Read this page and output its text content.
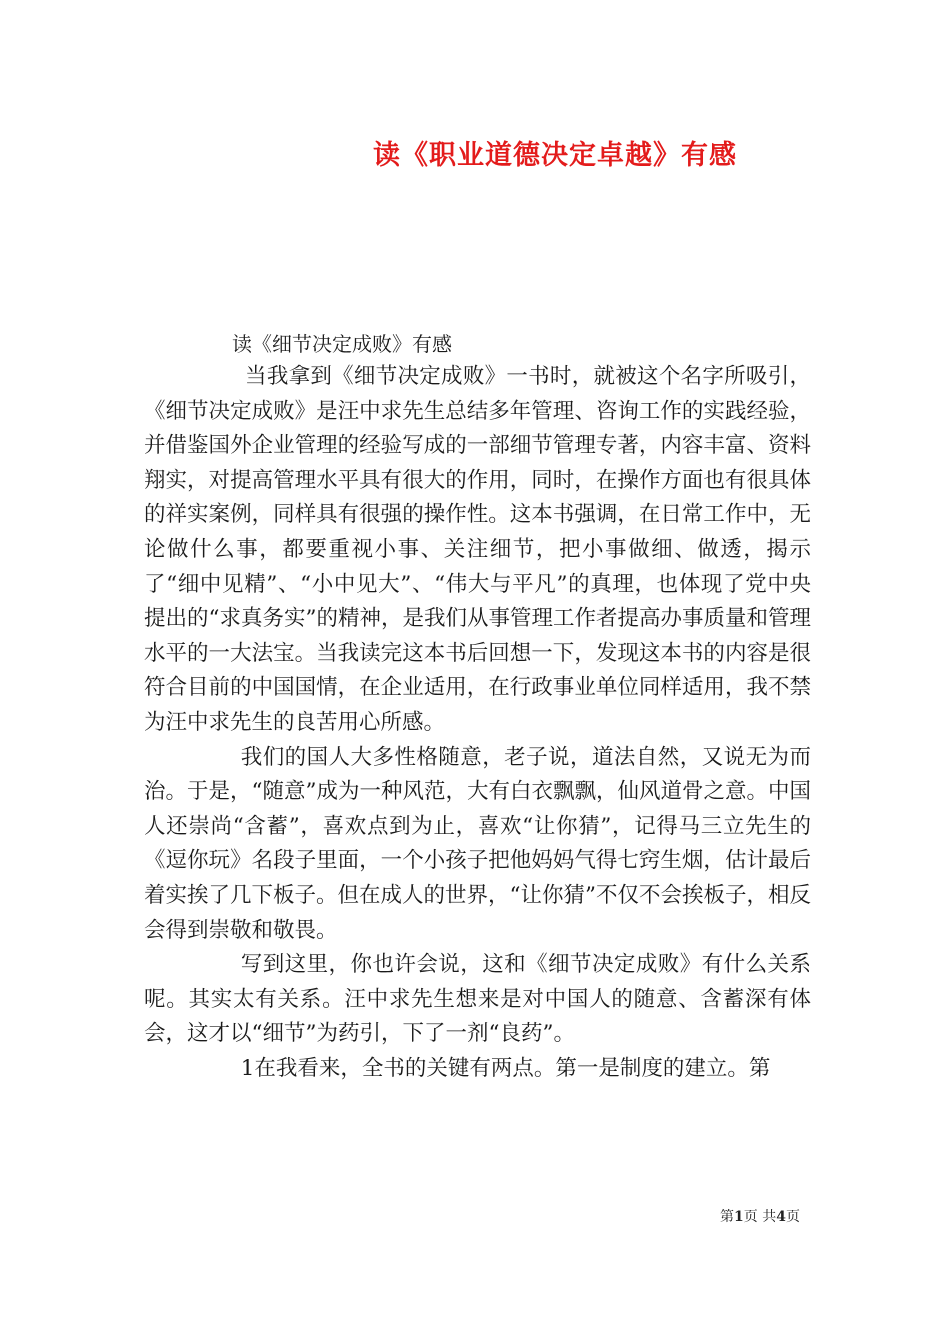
读《职业道德决定卓越》有感
读《细节决定成败》有感

当我拿到《细节决定成败》一书时，就被这个名字所吸引，《细节决定成败》是汪中求先生总结多年管理、咨询工作的实践经验，并借鉴国外企业管理的经验写成的一部细节管理专著，内容丰富、资料翔实，对提高管理水平具有很大的作用，同时，在操作方面也有很具体的祥实案例，同样具有很强的操作性。这本书强调，在日常工作中，无论做什么事，都要重视小事、关注细节，把小事做细、做透，揭示了“细中见精”、“小中见大”、“伟大与平凡”的真理，也体现了党中央提出的“求真务实”的精神，是我们从事管理工作者提高办事质量和管理水平的一大法宝。当我读完这本书后回想一下，发现这本书的内容是很符合目前的中国国情，在企业适用，在行政事业单位同样适用，我不禁为汪中求先生的良苦用心所感。

我们的国人大多性格随意，老子说，道法自然，又说无为而治。于是，“随意”成为一种风范，大有白衣飘飘，仙风道骨之意。中国人还崇尚“含蓄”，喜欢点到为止，喜欢“让你猜”，记得马三立先生的《逗你玩》名段子里面，一个小孩子把他妈妈气得七窍生烟，估计最后着实挨了几下板子。但在成人的世界，“让你猜”不仅不会挨板子，相反会得到崇敬和敬畏。

写到这里，你也许会说，这和《细节决定成败》有什么关系呢。其实太有关系。汪中求先生想来是对中国人的随意、含蓄深有体会，这才以“细节”为药引，下了一剂“良药”。

1在我看来，全书的关键有两点。第一是制度的建立。第

第1页 共4页
